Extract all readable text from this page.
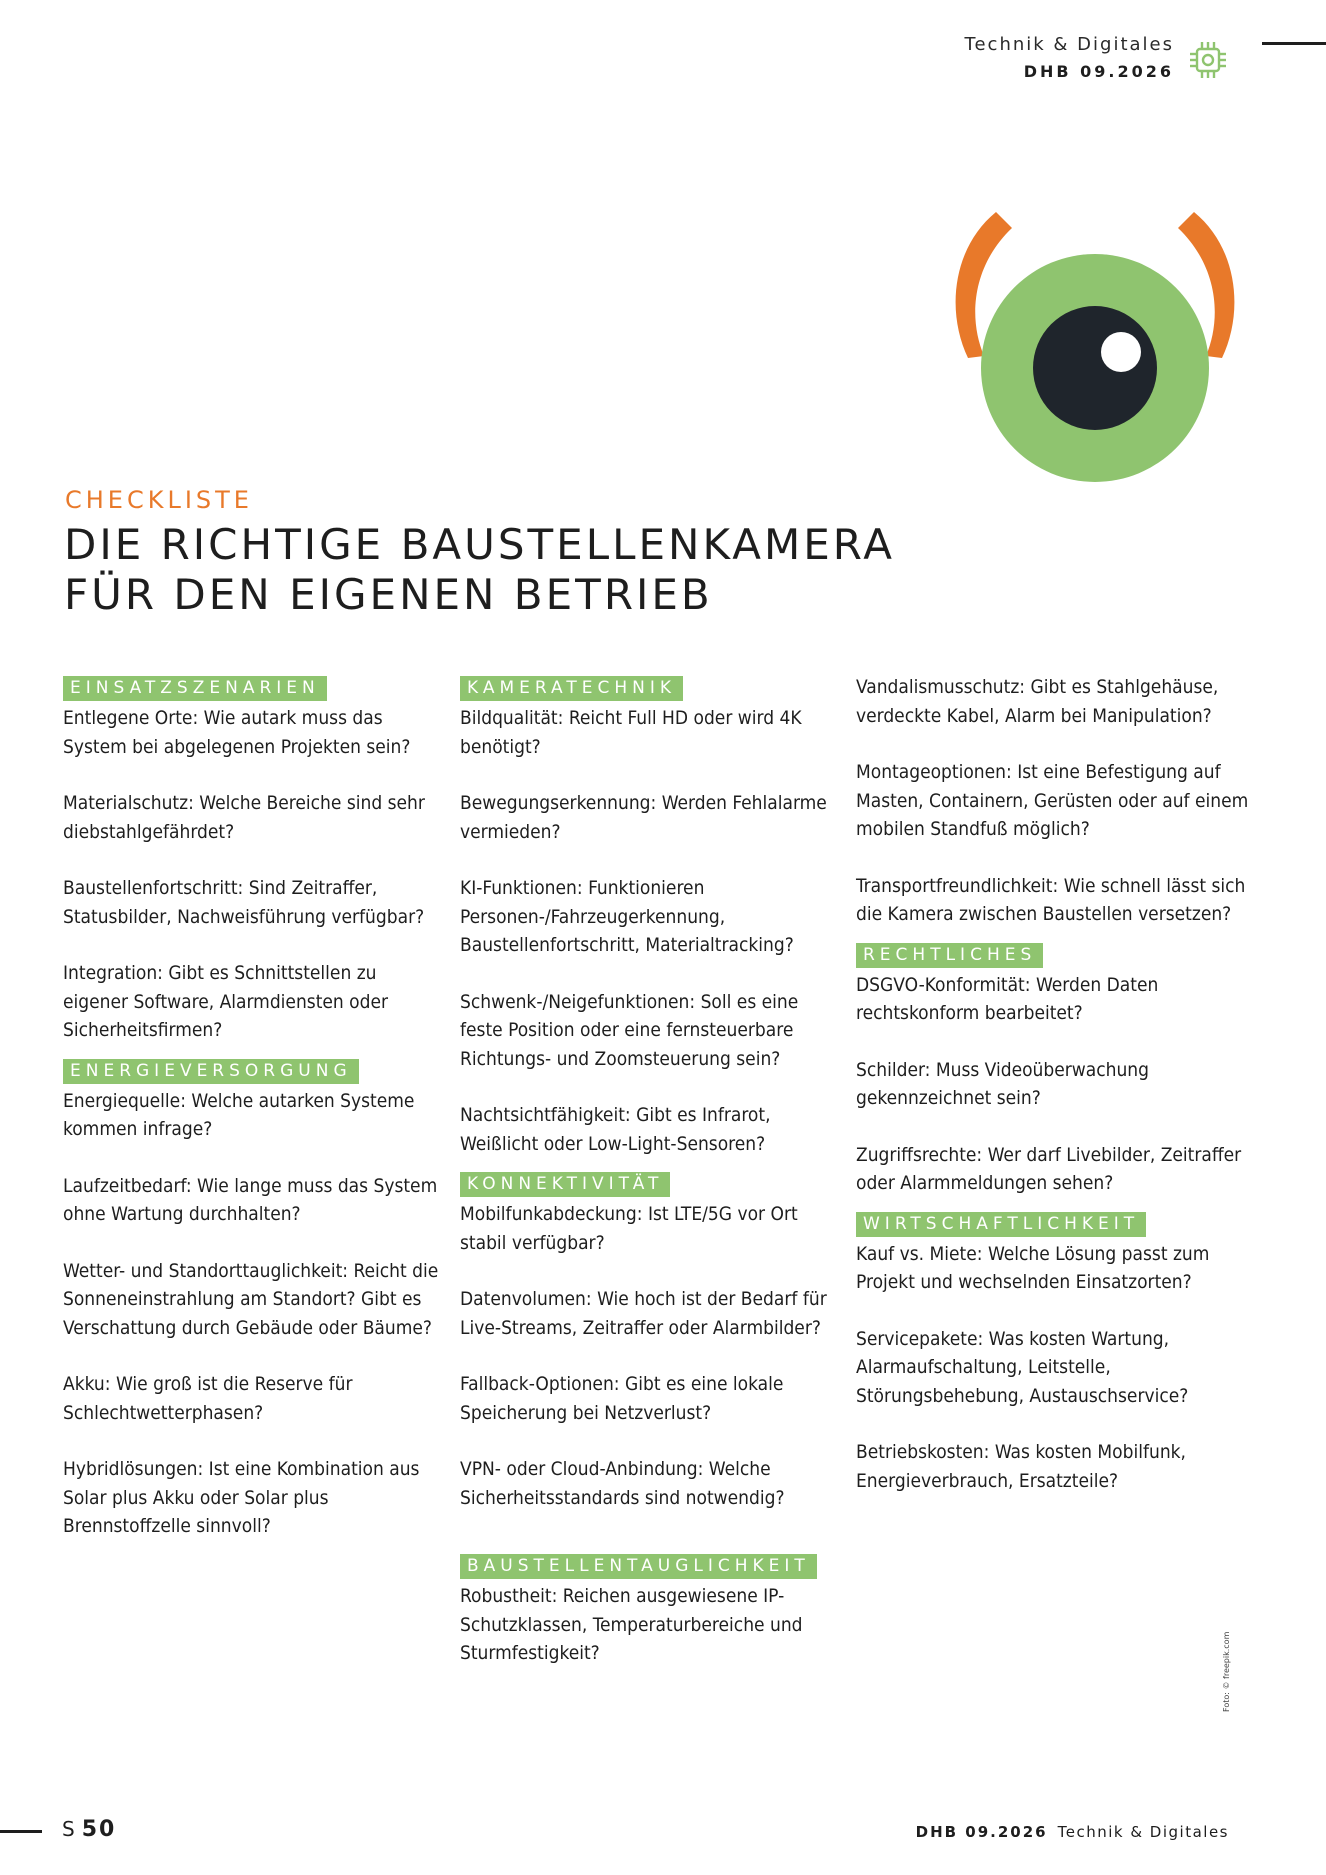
Technik & Digitales
DHB 09.2026
CHECKLISTE
DIE RICHTIGE BAUSTELLENKAMERA
FÜR DEN EIGENEN BETRIEB
EINSATZSZENARIEN
Entlegene Orte: Wie autark muss das System bei abgelegenen Projekten sein?
Materialschutz: Welche Bereiche sind sehr diebstahlgefährdet?
Baustellenfortschritt: Sind Zeitraffer, Statusbilder, Nachweisführung verfügbar?
Integration: Gibt es Schnittstellen zu eigener Software, Alarmdiensten oder Sicherheitsfirmen?
ENERGIEVERSORGUNG
Energiequelle: Welche autarken Systeme kommen infrage?
Laufzeitbedarf: Wie lange muss das System ohne Wartung durchhalten?
Wetter- und Standorttauglichkeit: Reicht die Sonneneinstrahlung am Standort? Gibt es Verschattung durch Gebäude oder Bäume?
Akku: Wie groß ist die Reserve für Schlechtwetterphasen?
Hybridlösungen: Ist eine Kombination aus Solar plus Akku oder Solar plus Brennstoffzelle sinnvoll?
KAMERATECHNIK
Bildqualität: Reicht Full HD oder wird 4K benötigt?
Bewegungserkennung: Werden Fehlalarme vermieden?
KI-Funktionen: Funktionieren Personen-/Fahrzeugerkennung, Baustellenfortschritt, Materialtracking?
Schwenk-/Neigefunktionen: Soll es eine feste Position oder eine fernsteuerbare Richtungs- und Zoomsteuerung sein?
Nachtsichtfähigkeit: Gibt es Infrarot, Weißlicht oder Low-Light-Sensoren?
KONNEKTIVITÄT
Mobilfunkabdeckung: Ist LTE/5G vor Ort stabil verfügbar?
Datenvolumen: Wie hoch ist der Bedarf für Live-Streams, Zeitraffer oder Alarmbilder?
Fallback-Optionen: Gibt es eine lokale Speicherung bei Netzverlust?
VPN- oder Cloud-Anbindung: Welche Sicherheitsstandards sind notwendig?
BAUSTELLENTAUGLICHKEIT
Robustheit: Reichen ausgewiesene IP-Schutzklassen, Temperaturbereiche und Sturmfestigkeit?
Vandalismusschutz: Gibt es Stahlgehäuse, verdeckte Kabel, Alarm bei Manipulation?
Montageoptionen: Ist eine Befestigung auf Masten, Containern, Gerüsten oder auf einem mobilen Standfuß möglich?
Transportfreundlichkeit: Wie schnell lässt sich die Kamera zwischen Baustellen versetzen?
RECHTLICHES
DSGVO-Konformität: Werden Daten rechtskonform bearbeitet?
Schilder: Muss Videoüberwachung gekennzeichnet sein?
Zugriffsrechte: Wer darf Livebilder, Zeitraffer oder Alarmmeldungen sehen?
WIRTSCHAFTLICHKEIT
Kauf vs. Miete: Welche Lösung passt zum Projekt und wechselnden Einsatzorten?
Servicepakete: Was kosten Wartung, Alarmaufschaltung, Leitstelle, Störungsbehebung, Austauschservice?
Betriebskosten: Was kosten Mobilfunk, Energieverbrauch, Ersatzteile?
Foto: © freepik.com
S 50	DHB 09.2026 Technik & Digitales
